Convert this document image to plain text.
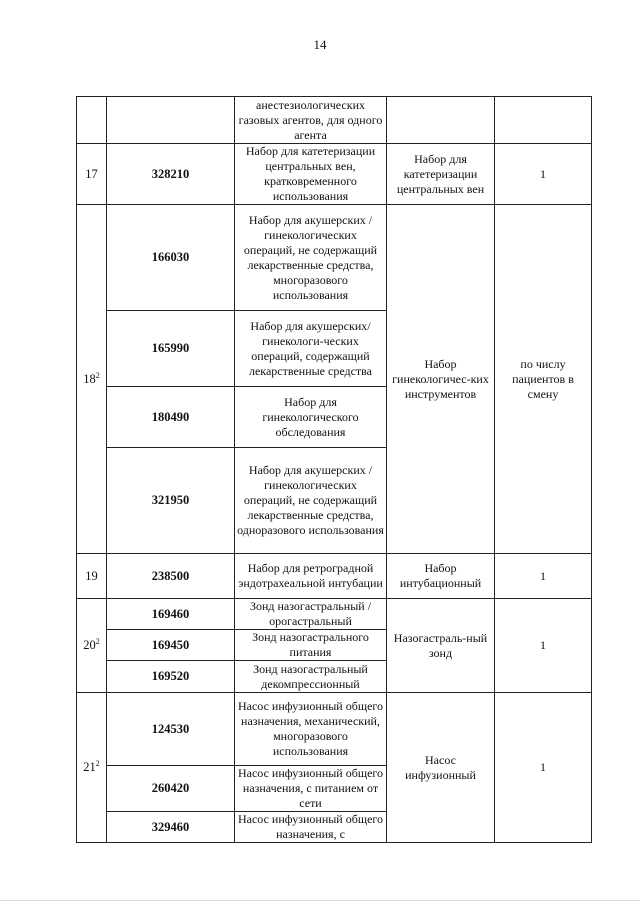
14
		анестезиологических газовых агентов, для одного агента		
17	328210	Набор для катетеризации центральных вен, кратковременного использования	Набор для катетеризации центральных вен	1
$18^2$	166030	Набор для акушерских /гинекологических операций, не содержащий лекарственные средства, многоразового использования	Набор гинекологичес-ких инструментов	по числу пациентов в смену
	165990	Набор для акушерских/гинекологи-ческих операций, содержащий лекарственные средства		
	180490	Набор для гинекологического обследования		
	321950	Набор для акушерских /гинекологических операций, не содержащий лекарственные средства, одноразового использования		
19	238500	Набор для ретроградной эндотрахеальной интубации	Набор интубационный	1
$20^2$	169460	Зонд назогастральный /орогастральный	Назогастраль-ный зонд	1
	169450	Зонд назогастрального питания		
	169520	Зонд назогастральный декомпрессионный		
$21^2$	124530	Насос инфузионный общего назначения, механический, многоразового использования	Насос инфузионный	1
	260420	Насос инфузионный общего назначения, с питанием от сети		
	329460	Насос инфузионный общего назначения, с		
